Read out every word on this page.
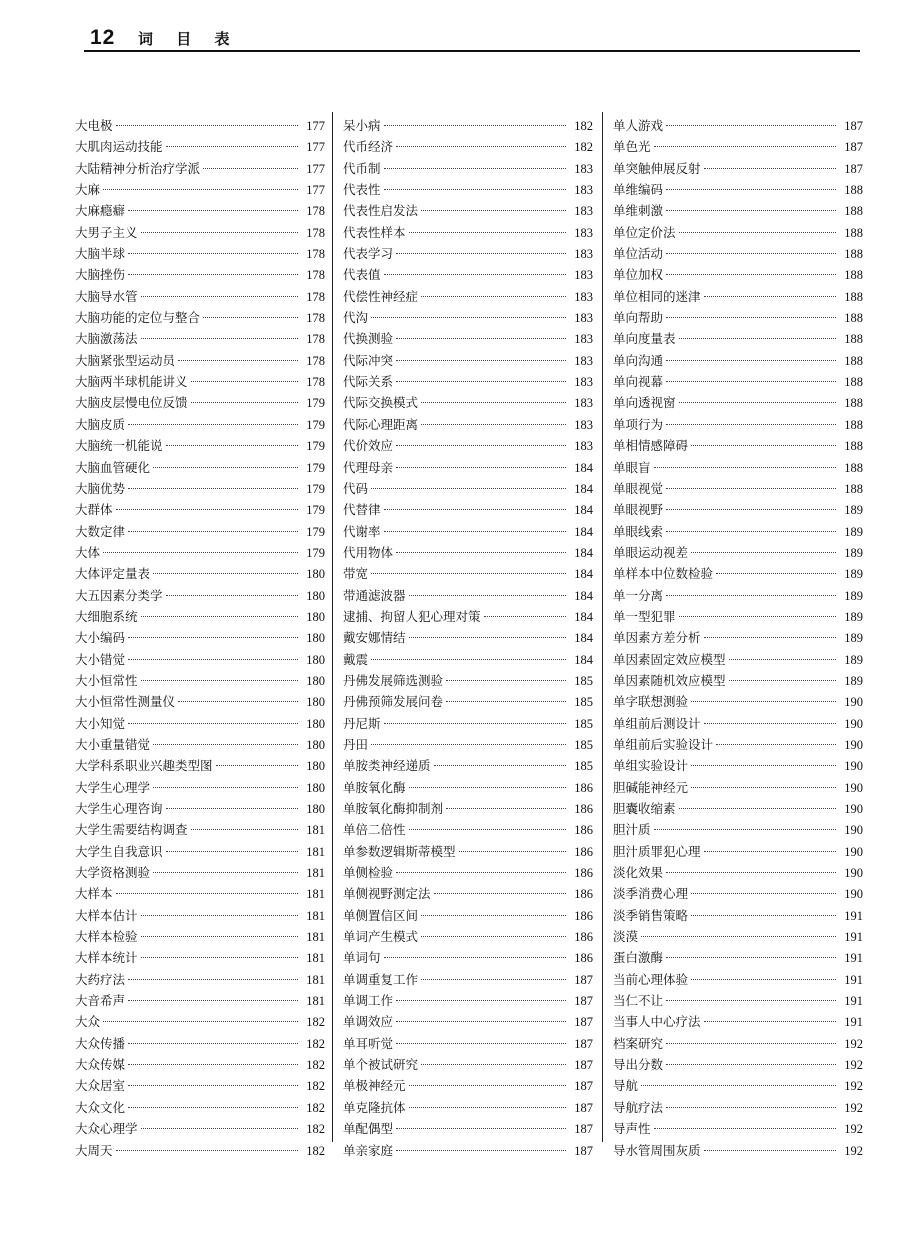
12 词 目 表
大电极	177
大肌肉运动技能	177
大陆精神分析治疗学派	177
大麻	177
大麻瘾癖	178
大男子主义	178
大脑半球	178
大脑挫伤	178
大脑导水管	178
大脑功能的定位与整合	178
大脑激荡法	178
大脑紧张型运动员	178
大脑两半球机能讲义	178
大脑皮层慢电位反馈	179
大脑皮质	179
大脑统一机能说	179
大脑血管硬化	179
大脑优势	179
大群体	179
大数定律	179
大体	179
大体评定量表	180
大五因素分类学	180
大细胞系统	180
大小编码	180
大小错觉	180
大小恒常性	180
大小恒常性测量仪	180
大小知觉	180
大小重量错觉	180
大学科系职业兴趣类型图	180
大学生心理学	180
大学生心理咨询	180
大学生需要结构调查	181
大学生自我意识	181
大学资格测验	181
大样本	181
大样本估计	181
大样本检验	181
大样本统计	181
大药疗法	181
大音希声	181
大众	182
大众传播	182
大众传媒	182
大众居室	182
大众文化	182
大众心理学	182
大周天	182
呆小病	182
代币经济	182
代币制	183
代表性	183
代表性启发法	183
代表性样本	183
代表学习	183
代表值	183
代偿性神经症	183
代沟	183
代换测验	183
代际冲突	183
代际关系	183
代际交换模式	183
代际心理距离	183
代价效应	183
代理母亲	184
代码	184
代替律	184
代谢率	184
代用物体	184
带宽	184
带通滤波器	184
逮捕、拘留人犯心理对策	184
戴安娜情结	184
戴震	184
丹佛发展筛选测验	185
丹佛预筛发展问卷	185
丹尼斯	185
丹田	185
单胺类神经递质	185
单胺氧化酶	186
单胺氧化酶抑制剂	186
单倍二倍性	186
单参数逻辑斯蒂模型	186
单侧检验	186
单侧视野测定法	186
单侧置信区间	186
单词产生模式	186
单词句	186
单调重复工作	187
单调工作	187
单调效应	187
单耳听觉	187
单个被试研究	187
单极神经元	187
单克隆抗体	187
单配偶型	187
单亲家庭	187
单人游戏	187
单色光	187
单突触伸展反射	187
单维编码	188
单维刺激	188
单位定价法	188
单位活动	188
单位加权	188
单位相同的迷津	188
单向帮助	188
单向度量表	188
单向沟通	188
单向视幕	188
单向透视窗	188
单项行为	188
单相情感障碍	188
单眼盲	188
单眼视觉	188
单眼视野	189
单眼线索	189
单眼运动视差	189
单样本中位数检验	189
单一分离	189
单一型犯罪	189
单因素方差分析	189
单因素固定效应模型	189
单因素随机效应模型	189
单字联想测验	190
单组前后测设计	190
单组前后实验设计	190
单组实验设计	190
胆碱能神经元	190
胆囊收缩素	190
胆汁质	190
胆汁质罪犯心理	190
淡化效果	190
淡季消费心理	190
淡季销售策略	191
淡漠	191
蛋白激酶	191
当前心理体验	191
当仁不让	191
当事人中心疗法	191
档案研究	192
导出分数	192
导航	192
导航疗法	192
导声性	192
导水管周围灰质	192
